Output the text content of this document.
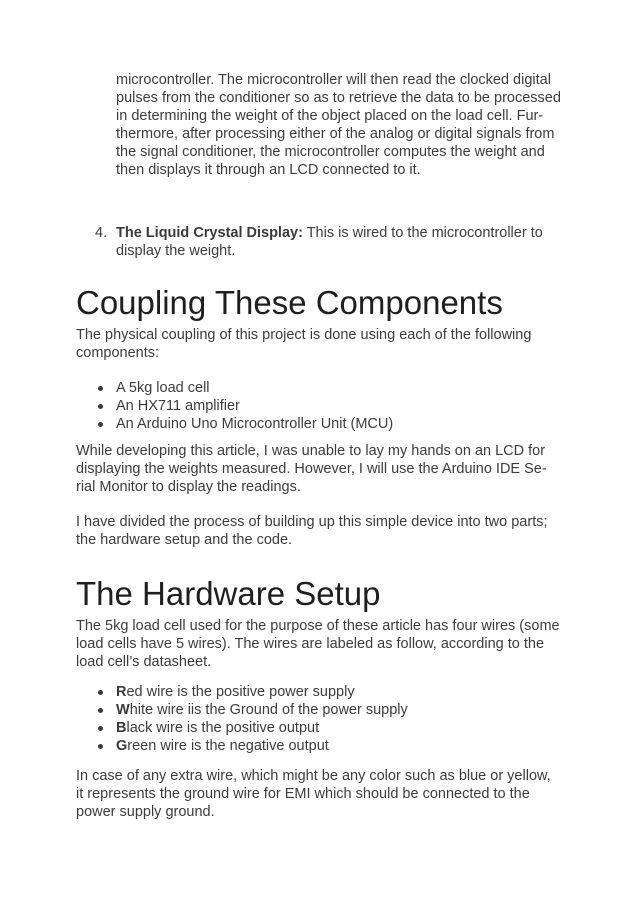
microcontroller. The microcontroller will then read the clocked digital
pulses from the conditioner so as to retrieve the data to be processed
in determining the weight of the object placed on the load cell. Fur-
thermore, after processing either of the analog or digital signals from
the signal conditioner, the microcontroller computes the weight and
then displays it through an LCD connected to it.
4. The Liquid Crystal Display: This is wired to the microcontroller to
display the weight.
Coupling These Components
The physical coupling of this project is done using each of the following
components:
A 5kg load cell
An HX711 amplifier
An Arduino Uno Microcontroller Unit (MCU)
While developing this article, I was unable to lay my hands on an LCD for
displaying the weights measured. However, I will use the Arduino IDE Se-
rial Monitor to display the readings.
I have divided the process of building up this simple device into two parts;
the hardware setup and the code.
The Hardware Setup
The 5kg load cell used for the purpose of these article has four wires (some
load cells have 5 wires). The wires are labeled as follow, according to the
load cell’s datasheet.
Red wire is the positive power supply
White wire iis the Ground of the power supply
Black wire is the positive output
Green wire is the negative output
In case of any extra wire, which might be any color such as blue or yellow,
it represents the ground wire for EMI which should be connected to the
power supply ground.
